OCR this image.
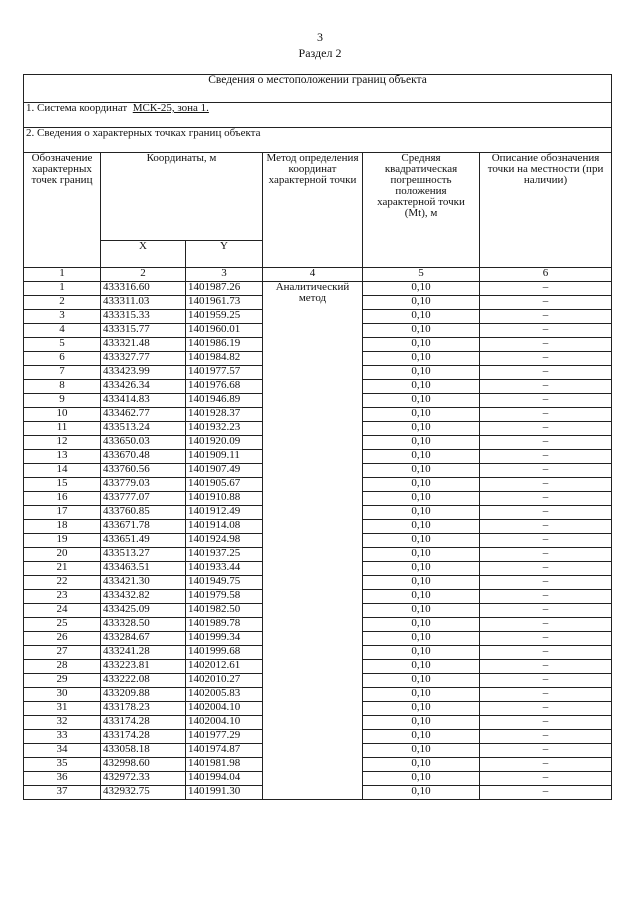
3
Раздел 2
Сведения о местоположении границ объекта					
1. Система координат МСК-25, зона 1.					
2. Сведения о характерных точках границ объекта					
Обозначение характерных точек границ	Координаты, м		Метод определения координат характерной точки	Средняя квадратическая погрешность положения характерной точки (Mt), м	Описание обозначения точки на местности (при наличии)
	X	Y			
1	2	3	4	5	6
1	433316.60	1401987.26	Аналитический метод	0,10	–
2	433311.03	1401961.73		0,10	–
3	433315.33	1401959.25		0,10	–
4	433315.77	1401960.01		0,10	–
5	433321.48	1401986.19		0,10	–
6	433327.77	1401984.82		0,10	–
7	433423.99	1401977.57		0,10	–
8	433426.34	1401976.68		0,10	–
9	433414.83	1401946.89		0,10	–
10	433462.77	1401928.37		0,10	–
11	433513.24	1401932.23		0,10	–
12	433650.03	1401920.09		0,10	–
13	433670.48	1401909.11		0,10	–
14	433760.56	1401907.49		0,10	–
15	433779.03	1401905.67		0,10	–
16	433777.07	1401910.88		0,10	–
17	433760.85	1401912.49		0,10	–
18	433671.78	1401914.08		0,10	–
19	433651.49	1401924.98		0,10	–
20	433513.27	1401937.25		0,10	–
21	433463.51	1401933.44		0,10	–
22	433421.30	1401949.75		0,10	–
23	433432.82	1401979.58		0,10	–
24	433425.09	1401982.50		0,10	–
25	433328.50	1401989.78		0,10	–
26	433284.67	1401999.34		0,10	–
27	433241.28	1401999.68		0,10	–
28	433223.81	1402012.61		0,10	–
29	433222.08	1402010.27		0,10	–
30	433209.88	1402005.83		0,10	–
31	433178.23	1402004.10		0,10	–
32	433174.28	1402004.10		0,10	–
33	433174.28	1401977.29		0,10	–
34	433058.18	1401974.87		0,10	–
35	432998.60	1401981.98		0,10	–
36	432972.33	1401994.04		0,10	–
37	432932.75	1401991.30		0,10	–
